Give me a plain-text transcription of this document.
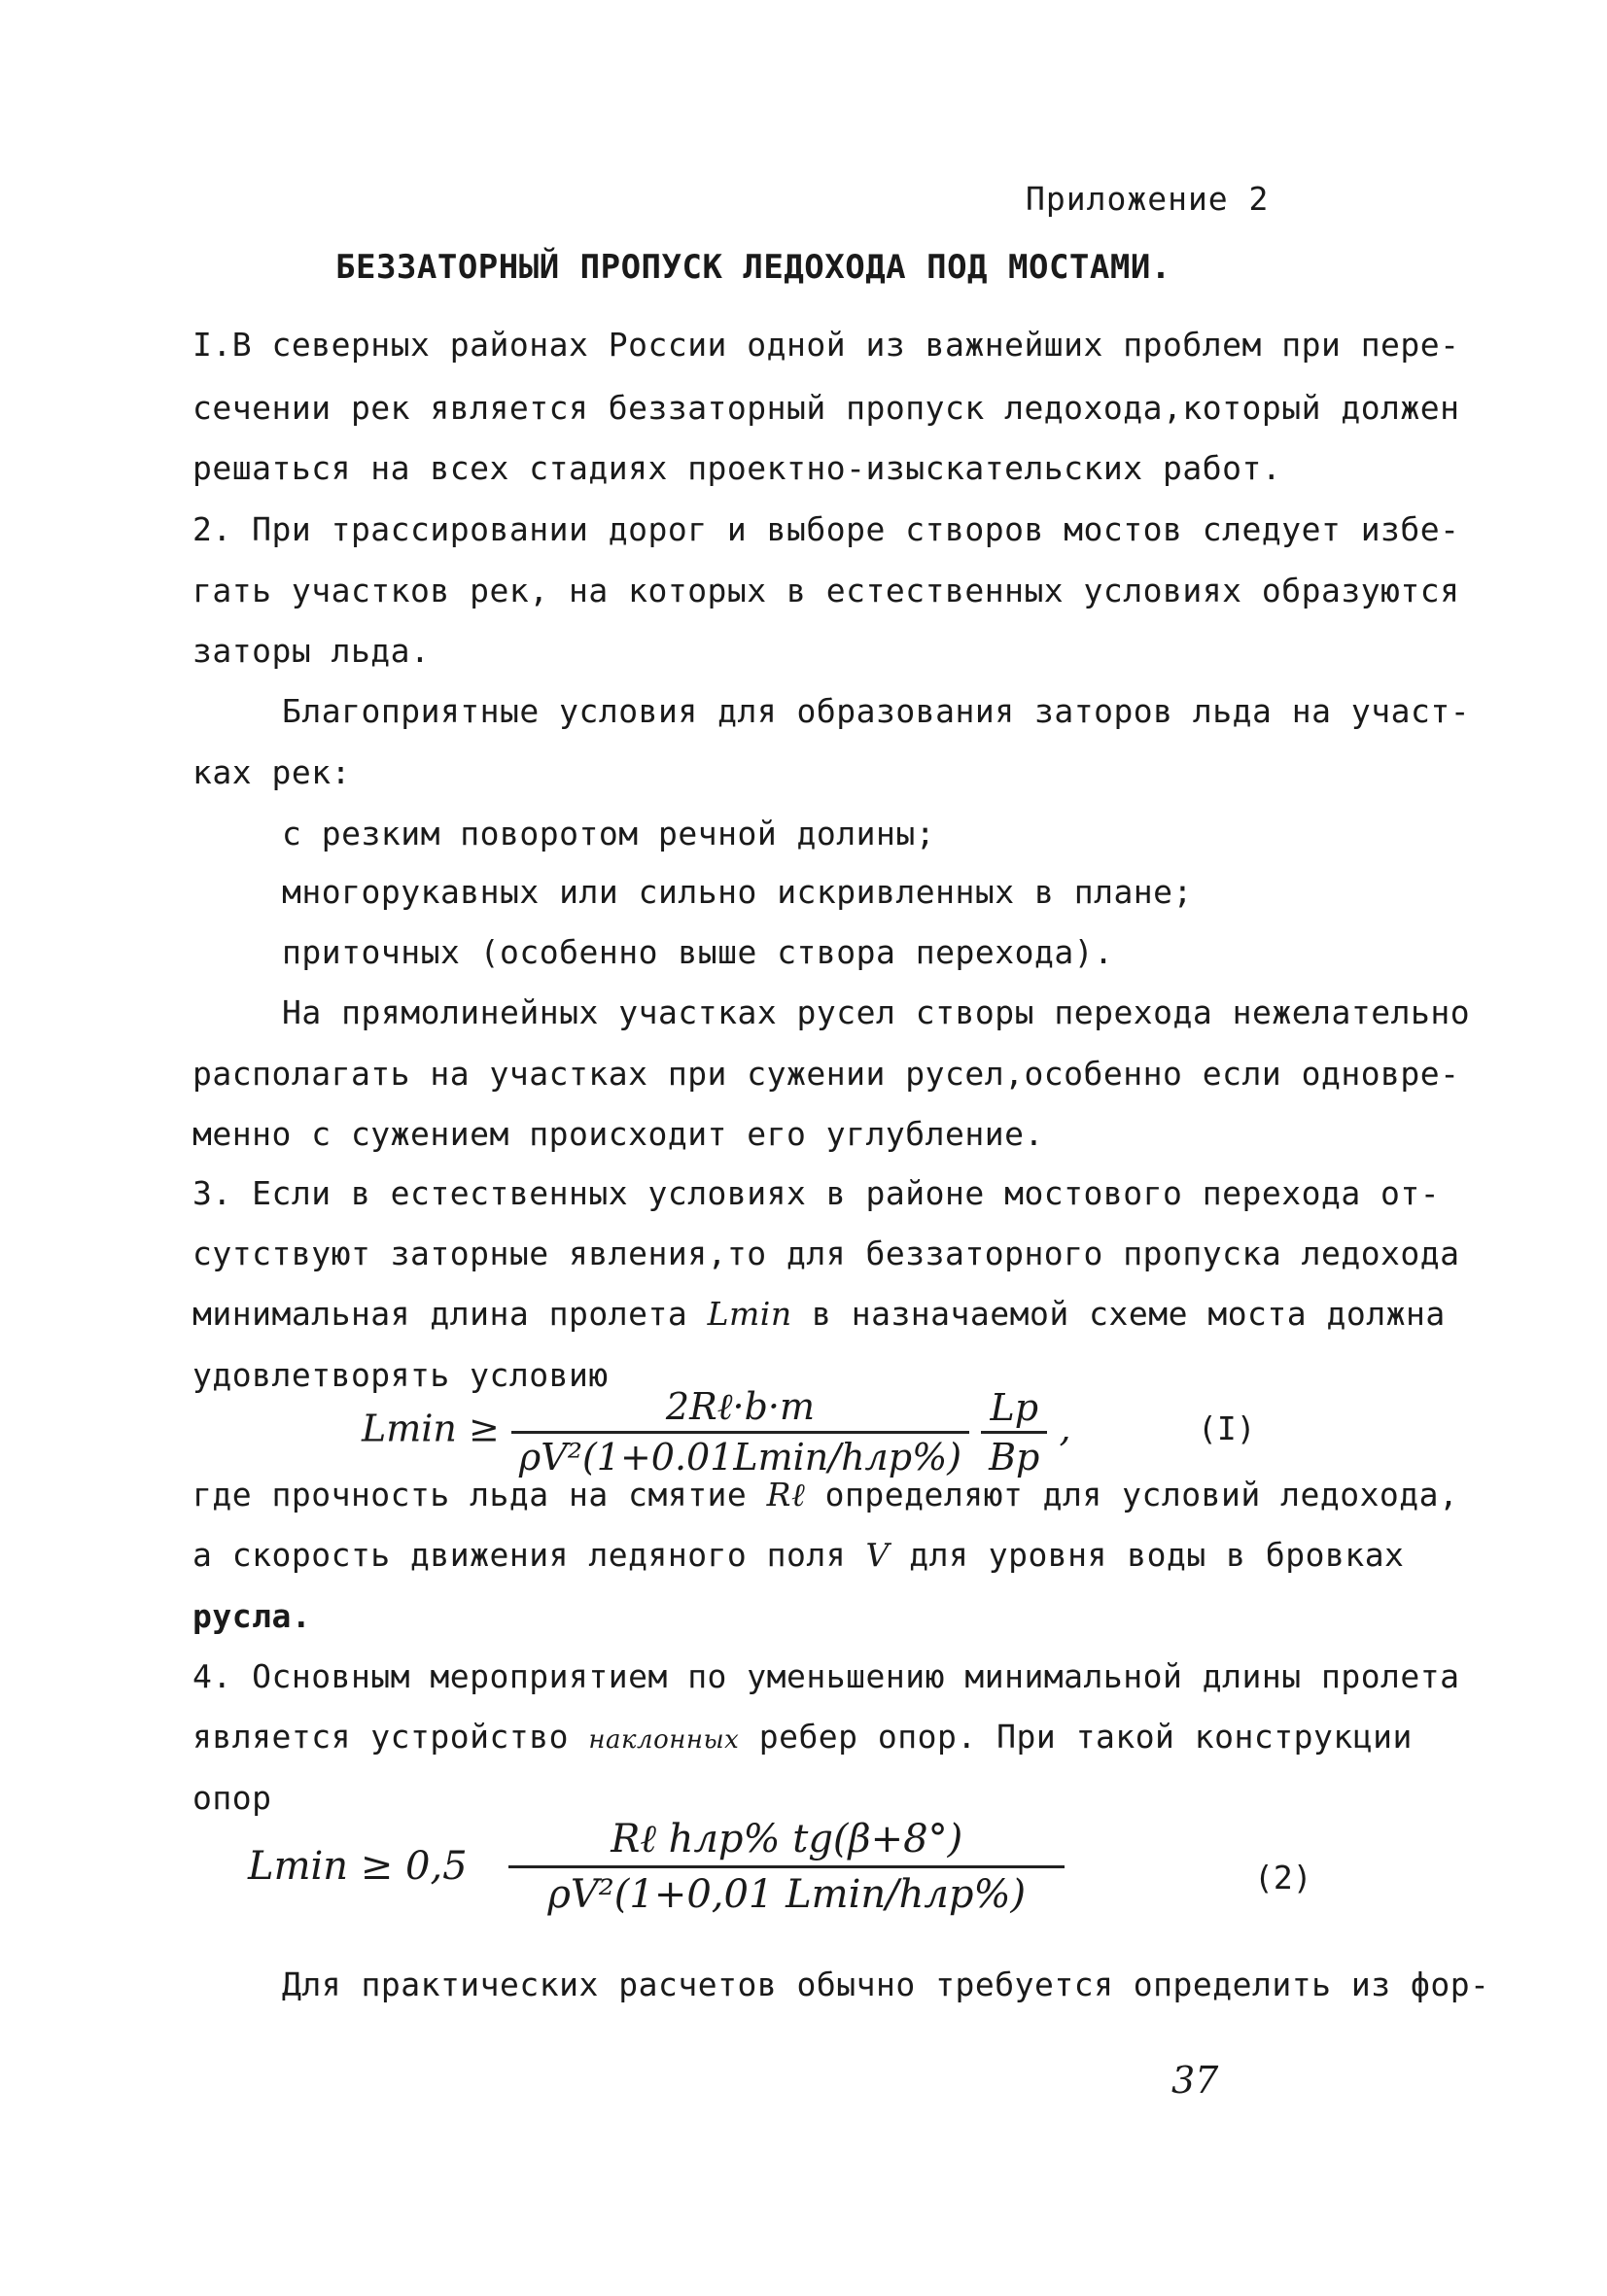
Приложение 2
БЕЗЗАТОРНЫЙ ПРОПУСК ЛЕДОХОДА ПОД МОСТАМИ.
I.В северных районах России одной из важнейших проблем при пере-
сечении рек является беззаторный пропуск ледохода,который должен
решаться на всех стадиях проектно-изыскательских работ.
2. При трассировании дорог и выборе створов мостов следует избе-
гать участков рек, на которых в естественных условиях образуются
заторы льда.
Благоприятные условия для образования заторов льда на участ-
ках рек:
с резким поворотом речной долины;
многорукавных или сильно искривленных в плане;
приточных (особенно выше створа перехода).
На прямолинейных участках русел створы перехода нежелательно
располагать на участках при сужении русел,особенно если одновре-
менно с сужением происходит его углубление.
3. Если в естественных условиях в районе мостового перехода от-
сутствуют заторные явления,то для беззаторного пропуска ледохода
минимальная длина пролета Lmin в назначаемой схеме моста должна
удовлетворять условию
$Lmin \ge \frac{\text{2Rℓ·b·m}}{\text{ρV²(1+0.01Lmin/hлр\%)}}$
$\frac{Lр}{Bр}$ ,	(I)
где прочность льда на смятие Rℓ определяют для условий ледохода,
а скорость движения ледяного поля V для уровня воды в бровках
русла.
4. Основным мероприятием по уменьшению минимальной длины пролета
является устройство наклонных ребер опор. При такой конструкции
опор
$Lmin \ge 0,5 \frac{\text{Rℓ hлр\% tg(β+8°)}}{\text{ρV²(1+0,01 Lmin/hлр\%)}}$	(2)
Для практических расчетов обычно требуется определить из фор-
37
